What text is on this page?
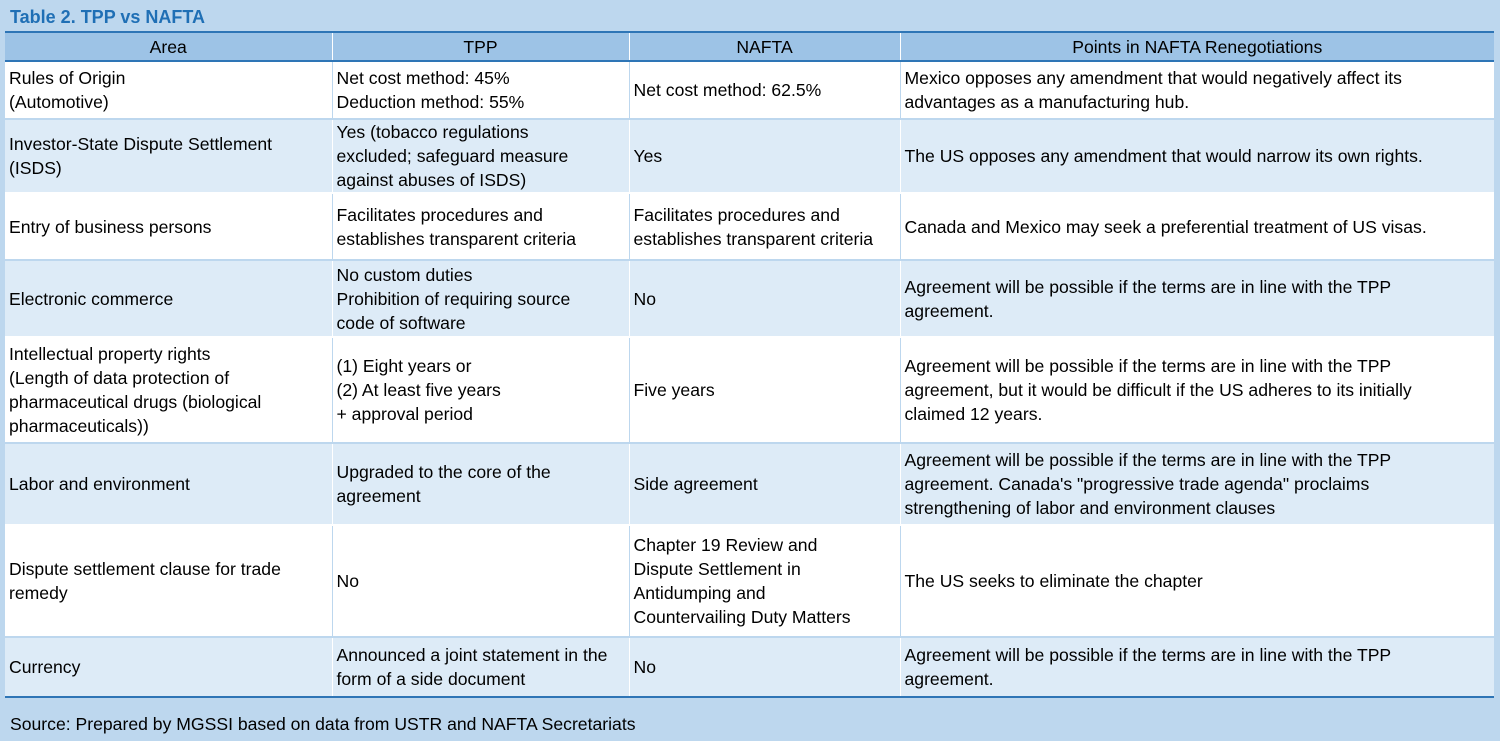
Table 2. TPP vs NAFTA
Area	TPP	NAFTA	Points in NAFTA Renegotiations

Rules of Origin
(Automotive)	Net cost method: 45%
Deduction method: 55%	Net cost method: 62.5%	Mexico opposes any amendment that would negatively affect its
advantages as a manufacturing hub.

Investor-State Dispute Settlement
(ISDS)	Yes (tobacco regulations
excluded; safeguard measure
against abuses of ISDS)	Yes	The US opposes any amendment that would narrow its own rights.

Entry of business persons	Facilitates procedures and
establishes transparent criteria	Facilitates procedures and
establishes transparent criteria	Canada and Mexico may seek a preferential treatment of US visas.

Electronic commerce	No custom duties
Prohibition of requiring source
code of software	No	Agreement will be possible if the terms are in line with the TPP
agreement.

Intellectual property rights
(Length of data protection of
pharmaceutical drugs (biological
pharmaceuticals))	(1) Eight years or
(2) At least five years
+ approval period	Five years	Agreement will be possible if the terms are in line with the TPP
agreement, but it would be difficult if the US adheres to its initially
claimed 12 years.

Labor and environment	Upgraded to the core of the
agreement	Side agreement	Agreement will be possible if the terms are in line with the TPP
agreement. Canada's "progressive trade agenda" proclaims
strengthening of labor and environment clauses

Dispute settlement clause for trade
remedy	No	Chapter 19 Review and
Dispute Settlement in
Antidumping and
Countervailing Duty Matters	The US seeks to eliminate the chapter

Currency	Announced a joint statement in the
form of a side document	No	Agreement will be possible if the terms are in line with the TPP
agreement.
Source: Prepared by MGSSI based on data from USTR and NAFTA Secretariats
